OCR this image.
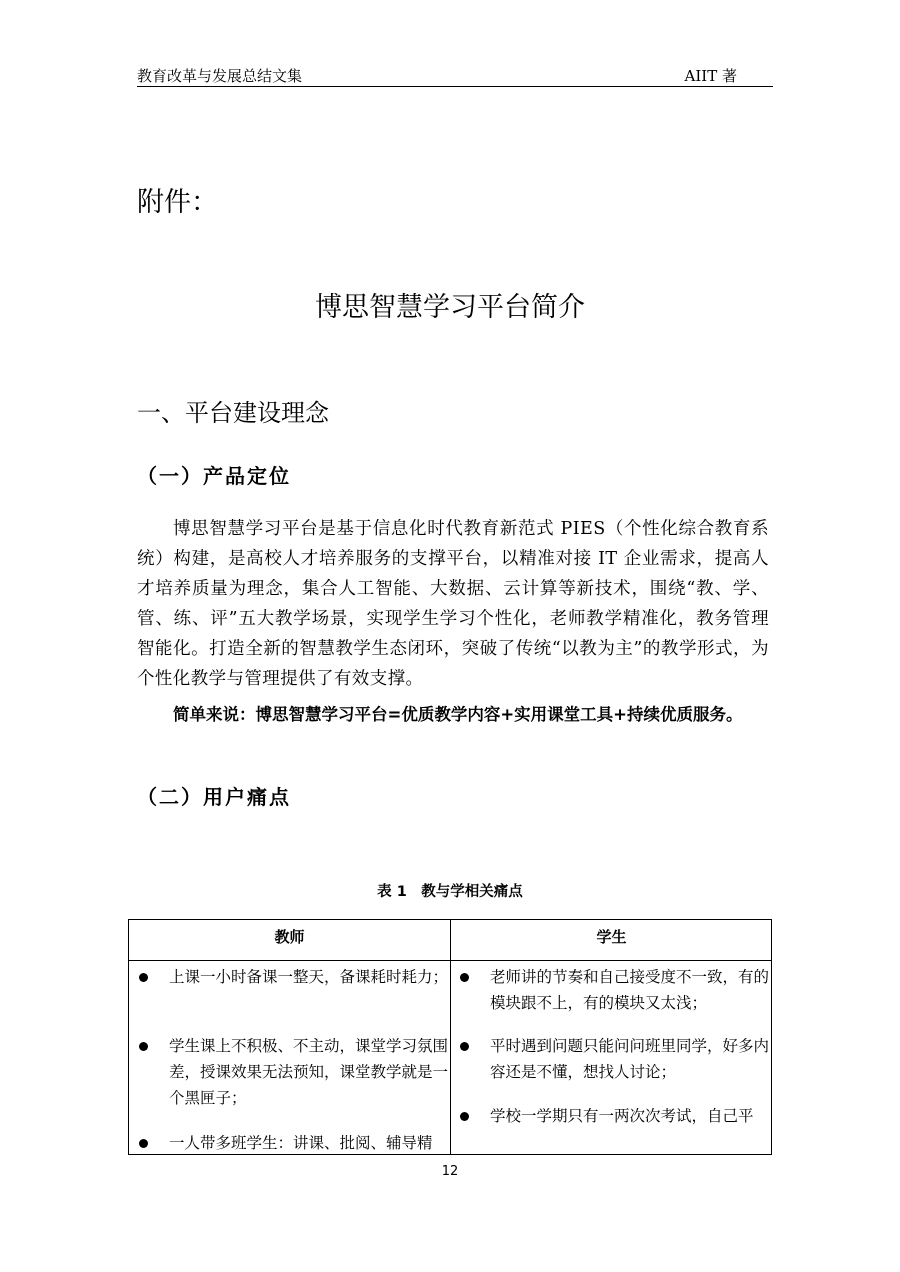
教育改革与发展总结文集	AIIT 著
附件：
博思智慧学习平台简介
一、平台建设理念
（一）产品定位
博思智慧学习平台是基于信息化时代教育新范式 PIES（个性化综合教育系统）构建，是高校人才培养服务的支撑平台，以精准对接 IT 企业需求，提高人才培养质量为理念，集合人工智能、大数据、云计算等新技术，围绕“教、学、管、练、评”五大教学场景，实现学生学习个性化，老师教学精准化，教务管理智能化。打造全新的智慧教学生态闭环，突破了传统“以教为主”的教学形式，为个性化教学与管理提供了有效支撑。
简单来说：博思智慧学习平台=优质教学内容+实用课堂工具+持续优质服务。
（二）用户痛点
表 1　教与学相关痛点
教师	学生
上课一小时备课一整天，备课耗时耗力；
学生课上不积极、不主动，课堂学习氛围差，授课效果无法预知，课堂教学就是一个黑匣子；
一人带多班学生：讲课、批阅、辅导精
老师讲的节奏和自己接受度不一致，有的模块跟不上，有的模块又太浅；
平时遇到问题只能问问班里同学，好多内容还是不懂，想找人讨论；
学校一学期只有一两次次考试，自己平
12
